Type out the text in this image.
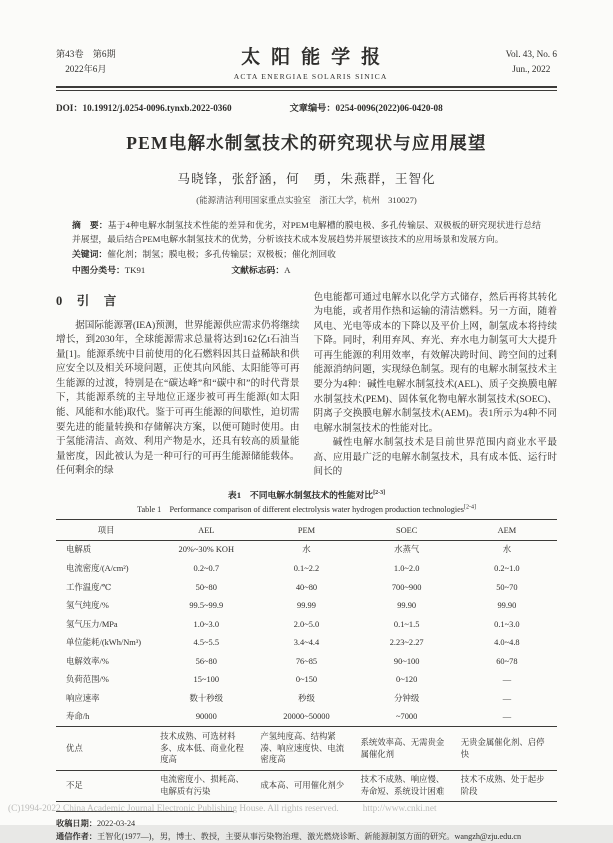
第43卷　第6期
2022年6月
太阳能学报
ACTA ENERGIAE SOLARIS SINICA
Vol. 43, No. 6
Jun., 2022
DOI：10.19912/j.0254-0096.tynxb.2022-0360	文章编号：0254-0096(2022)06-0420-08
PEM电解水制氢技术的研究现状与应用展望
马晓锋，张舒涵，何　勇，朱燕群，王智化
(能源清洁利用国家重点实验室　浙江大学，杭州　310027)
摘　要：基于4种电解水制氢技术性能的差异和优劣，对PEM电解槽的膜电极、多孔传输层、双极板的研究现状进行总结并展望，最后结合PEM电解水制氢技术的优势，分析该技术成本发展趋势并展望该技术的应用场景和发展方向。
关键词：催化剂；制氢；膜电极；多孔传输层；双极板；催化剂回收
中图分类号：TK91	文献标志码：A
0　引　言

据国际能源署(IEA)预测，世界能源供应需求仍将继续增长，到2030年，全球能源需求总量将达到162亿t石油当量[1]。能源系统中目前使用的化石燃料因其日益稀缺和供应安全以及相关环境问题，正使其向风能、太阳能等可再生能源的过渡，特别是在“碳达峰”和“碳中和”的时代背景下，其能源系统的主导地位正逐步被可再生能源(如太阳能、风能和水能)取代。鉴于可再生能源的间歇性，迫切需要先进的能量转换和存储解决方案，以便可随时使用。由于氢能清洁、高效、利用产物是水，还具有较高的质量能量密度，因此被认为是一种可行的可再生能源储能载体。任何剩余的绿

色电能都可通过电解水以化学方式储存，然后再将其转化为电能，或者用作热和运输的清洁燃料。另一方面，随着风电、光电等成本的下降以及平价上网，制氢成本将持续下降。同时，利用弃风、弃光、弃水电力制氢可大大提升可再生能源的利用效率，有效解决跨时间、跨空间的过剩能源消纳问题，实现绿色制氢。现有的电解水制氢技术主要分为4种：碱性电解水制氢技术(AEL)、质子交换膜电解水制氢技术(PEM)、固体氧化物电解水制氢技术(SOEC)、阴离子交换膜电解水制氢技术(AEM)。表1所示为4种不同电解水制氢技术的性能对比。

碱性电解水制氢技术是目前世界范围内商业水平最高、应用最广泛的电解水制氢技术，具有成本低、运行时间长的

表1　不同电解水制氢技术的性能对比[2-3]
Table 1　Performance comparison of different electrolysis water hydrogen production technologies[2-4]
项目	AEL	PEM	SOEC	AEM
电解质	20%~30% KOH	水	水蒸气	水
电流密度/(A/cm²)	0.2~0.7	0.1~2.2	1.0~2.0	0.2~1.0
工作温度/℃	50~80	40~80	700~900	50~70
氢气纯度/%	99.5~99.9	99.99	99.90	99.90
氢气压力/MPa	1.0~3.0	2.0~5.0	0.1~1.5	0.1~3.0
单位能耗/(kWh/Nm³)	4.5~5.5	3.4~4.4	2.23~2.27	4.0~4.8
电解效率/%	56~80	76~85	90~100	60~78
负荷范围/%	15~100	0~150	0~120	—
响应速率	数十秒级	秒级	分钟级	—
寿命/h	90000	20000~50000	~7000	—
优点	技术成熟、可选材料多、成本低、商业化程度高	产氢纯度高、结构紧凑、响应速度快、电流密度高	系统效率高、无需贵金属催化剂	无贵金属催化剂、启停快
不足	电流密度小、损耗高、电解质有污染	成本高、可用催化剂少	技术不成熟、响应慢、寿命短、系统设计困难	技术不成熟、处于起步阶段
收稿日期：2022-03-24
通信作者：王智化(1977—)，男，博士、教授，主要从事污染物治理、激光燃烧诊断、新能源制氢方面的研究。wangzh@zju.edu.cn
(C)1994-2022 China Academic Journal Electronic Publishing House. All rights reserved.	http://www.cnki.net
